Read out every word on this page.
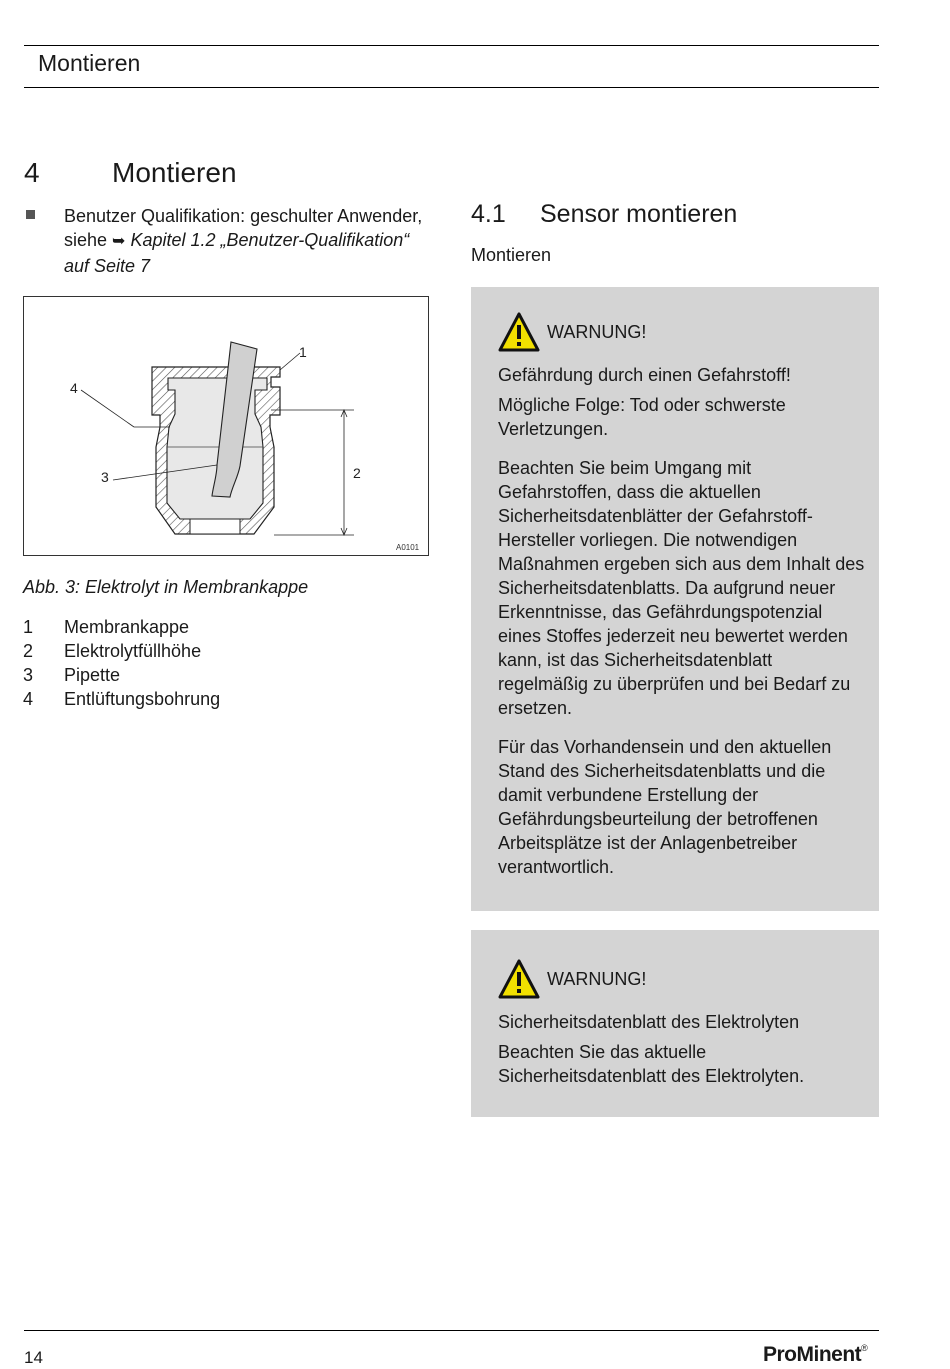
Montieren
4	Montieren
Benutzer Qualifikation: geschulter Anwender, siehe ➥ Kapitel 1.2 „Benutzer-Qualifikation“ auf Seite 7
1
4
3	2
A0101
Abb. 3: Elektrolyt in Membrankappe
1	Membrankappe
2	Elektrolytfüllhöhe
3	Pipette
4	Entlüftungsbohrung
4.1 Sensor montieren
Montieren
WARNUNG!
Gefährdung durch einen Gefahrstoff!
Mögliche Folge: Tod oder schwerste Verletzungen.
Beachten Sie beim Umgang mit Gefahrstoffen, dass die aktuellen Sicherheitsdatenblätter der Gefahrstoff-Hersteller vorliegen. Die notwendigen Maßnahmen ergeben sich aus dem Inhalt des Sicherheitsdatenblatts. Da aufgrund neuer Erkenntnisse, das Gefährdungspotenzial eines Stoffes jederzeit neu bewertet werden kann, ist das Sicherheitsdatenblatt regelmäßig zu überprüfen und bei Bedarf zu ersetzen.
Für das Vorhandensein und den aktuellen Stand des Sicherheitsdatenblatts und die damit verbundene Erstellung der Gefährdungsbeurteilung der betroffenen Arbeitsplätze ist der Anlagenbetreiber verantwortlich.
WARNUNG!
Sicherheitsdatenblatt des Elektrolyten
Beachten Sie das aktuelle Sicherheitsdatenblatt des Elektrolyten.
14	ProMinent®
